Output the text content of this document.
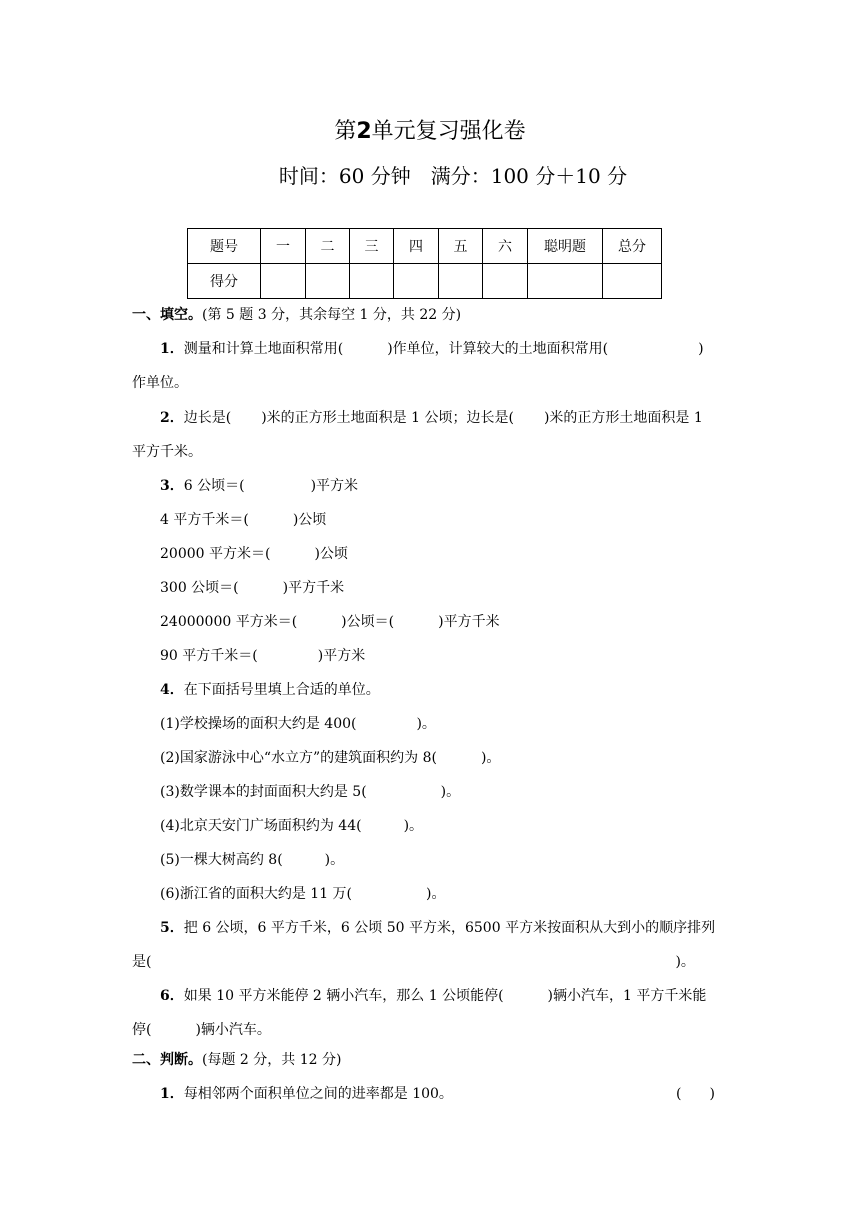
第2单元复习强化卷
时间：60 分钟　满分：100 分＋10 分
题号	一	二	三	四	五	六	聪明题	总分
得分								
一、填空。(第 5 题 3 分，其余每空 1 分，共 22 分)
1．测量和计算土地面积常用(	)作单位，计算较大的土地面积常用(	)
作单位。
2．边长是( )米的正方形土地面积是 1 公顷；边长是( )米的正方形土地面积是 1
平方千米。
3．6 公顷＝(	)平方米
4 平方千米＝(	)公顷
20000 平方米＝(	)公顷
300 公顷＝(	)平方千米
24000000 平方米＝(	)公顷＝(	)平方千米
90 平方千米＝(	)平方米
4．在下面括号里填上合适的单位。
(1)学校操场的面积大约是 400(	)。
(2)国家游泳中心“水立方”的建筑面积约为 8(	)。
(3)数学课本的封面面积大约是 5(	)。
(4)北京天安门广场面积约为 44(	)。
(5)一棵大树高约 8(	)。
(6)浙江省的面积大约是 11 万(	)。
5．把 6 公顷，6 平方千米，6 公顷 50 平方米，6500 平方米按面积从大到小的顺序排列
是(	)。
6．如果 10 平方米能停 2 辆小汽车，那么 1 公顷能停(	)辆小汽车，1 平方千米能
停(	)辆小汽车。
二、判断。(每题 2 分，共 12 分)
1．每相邻两个面积单位之间的进率都是 100。	(　　)
